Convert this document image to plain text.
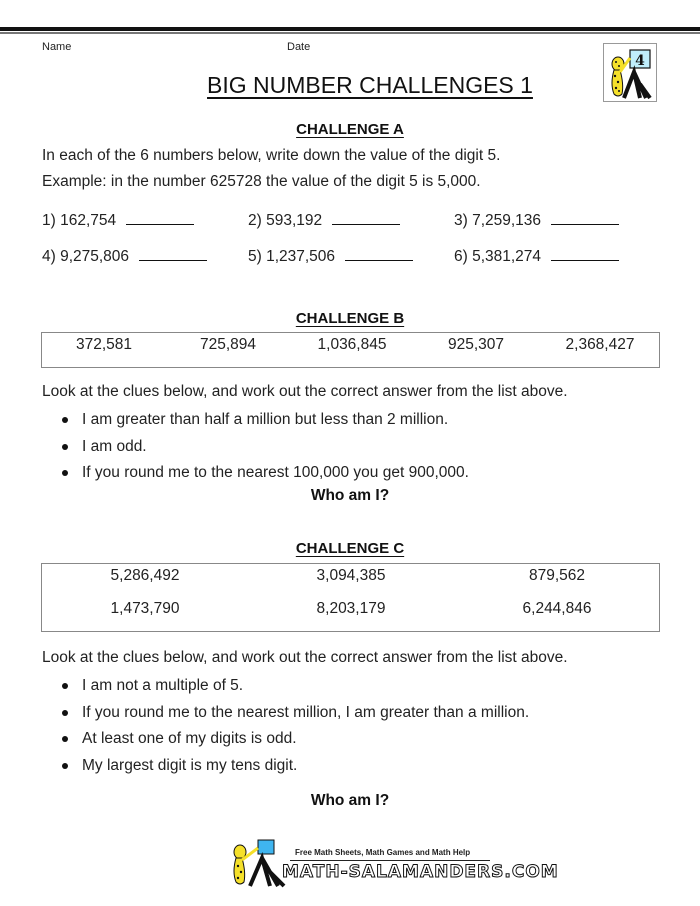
Name	Date
4
BIG NUMBER CHALLENGES 1
CHALLENGE A
In each of the 6 numbers below, write down the value of the digit 5.
Example: in the number 625728 the value of the digit 5 is 5,000.
1) 162,754	2) 593,192	3) 7,259,136
4) 9,275,806	5) 1,237,506	6) 5,381,274
CHALLENGE B
372,581	725,894	1,036,845	925,307	2,368,427
Look at the clues below, and work out the correct answer from the list above.
I am greater than half a million but less than 2 million.
I am odd.
If you round me to the nearest 100,000 you get 900,000.
Who am I?
CHALLENGE C
5,286,492	3,094,385	879,562
1,473,790	8,203,179	6,244,846
Look at the clues below, and work out the correct answer from the list above.
I am not a multiple of 5.
If you round me to the nearest million, I am greater than a million.
At least one of my digits is odd.
My largest digit is my tens digit.
Who am I?
Free Math Sheets, Math Games and Math Help
MATH-SALAMANDERS.COM
